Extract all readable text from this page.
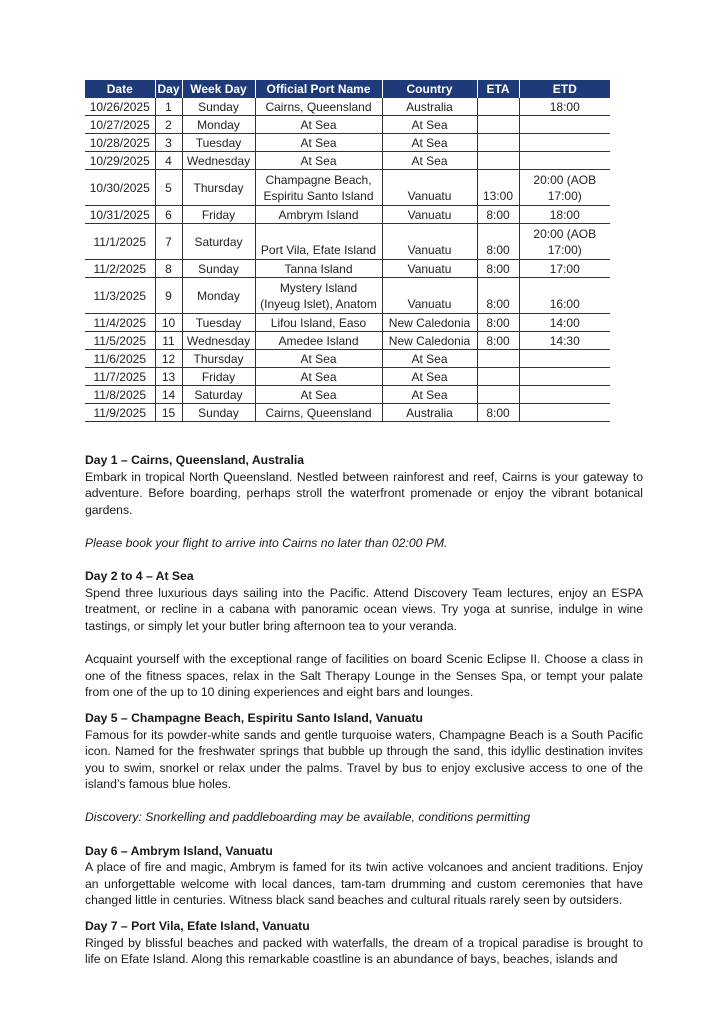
Date	Day	Week Day	Official Port Name	Country	ETA	ETD
10/26/2025	1	Sunday	Cairns, Queensland	Australia		18:00
10/27/2025	2	Monday	At Sea	At Sea		
10/28/2025	3	Tuesday	At Sea	At Sea		
10/29/2025	4	Wednesday	At Sea	At Sea		
10/30/2025	5	Thursday	Champagne Beach,
Espiritu Santo Island	Vanuatu	13:00	20:00 (AOB
17:00)
10/31/2025	6	Friday	Ambrym Island	Vanuatu	8:00	18:00
11/1/2025	7	Saturday	Port Vila, Efate Island	Vanuatu	8:00	20:00 (AOB
17:00)
11/2/2025	8	Sunday	Tanna Island	Vanuatu	8:00	17:00
11/3/2025	9	Monday	Mystery Island
(Inyeug Islet), Anatom	Vanuatu	8:00	16:00
11/4/2025	10	Tuesday	Lifou Island, Easo	New Caledonia	8:00	14:00
11/5/2025	11	Wednesday	Amedee Island	New Caledonia	8:00	14:30
11/6/2025	12	Thursday	At Sea	At Sea		
11/7/2025	13	Friday	At Sea	At Sea		
11/8/2025	14	Saturday	At Sea	At Sea		
11/9/2025	15	Sunday	Cairns, Queensland	Australia	8:00	
Day 1 – Cairns, Queensland, Australia

Embark in tropical North Queensland. Nestled between rainforest and reef, Cairns is your gateway to adventure. Before boarding, perhaps stroll the waterfront promenade or enjoy the vibrant botanical gardens.

Please book your flight to arrive into Cairns no later than 02:00 PM.

Day 2 to 4 – At Sea

Spend three luxurious days sailing into the Pacific. Attend Discovery Team lectures, enjoy an ESPA treatment, or recline in a cabana with panoramic ocean views. Try yoga at sunrise, indulge in wine tastings, or simply let your butler bring afternoon tea to your veranda.

Acquaint yourself with the exceptional range of facilities on board Scenic Eclipse II. Choose a class in one of the fitness spaces, relax in the Salt Therapy Lounge in the Senses Spa, or tempt your palate from one of the up to 10 dining experiences and eight bars and lounges.

Day 5 – Champagne Beach, Espiritu Santo Island, Vanuatu

Famous for its powder-white sands and gentle turquoise waters, Champagne Beach is a South Pacific icon. Named for the freshwater springs that bubble up through the sand, this idyllic destination invites you to swim, snorkel or relax under the palms. Travel by bus to enjoy exclusive access to one of the island’s famous blue holes.

Discovery: Snorkelling and paddleboarding may be available, conditions permitting

Day 6 – Ambrym Island, Vanuatu

A place of fire and magic, Ambrym is famed for its twin active volcanoes and ancient traditions. Enjoy an unforgettable welcome with local dances, tam-tam drumming and custom ceremonies that have changed little in centuries. Witness black sand beaches and cultural rituals rarely seen by outsiders.

Day 7 – Port Vila, Efate Island, Vanuatu

Ringed by blissful beaches and packed with waterfalls, the dream of a tropical paradise is brought to life on Efate Island. Along this remarkable coastline is an abundance of bays, beaches, islands and
